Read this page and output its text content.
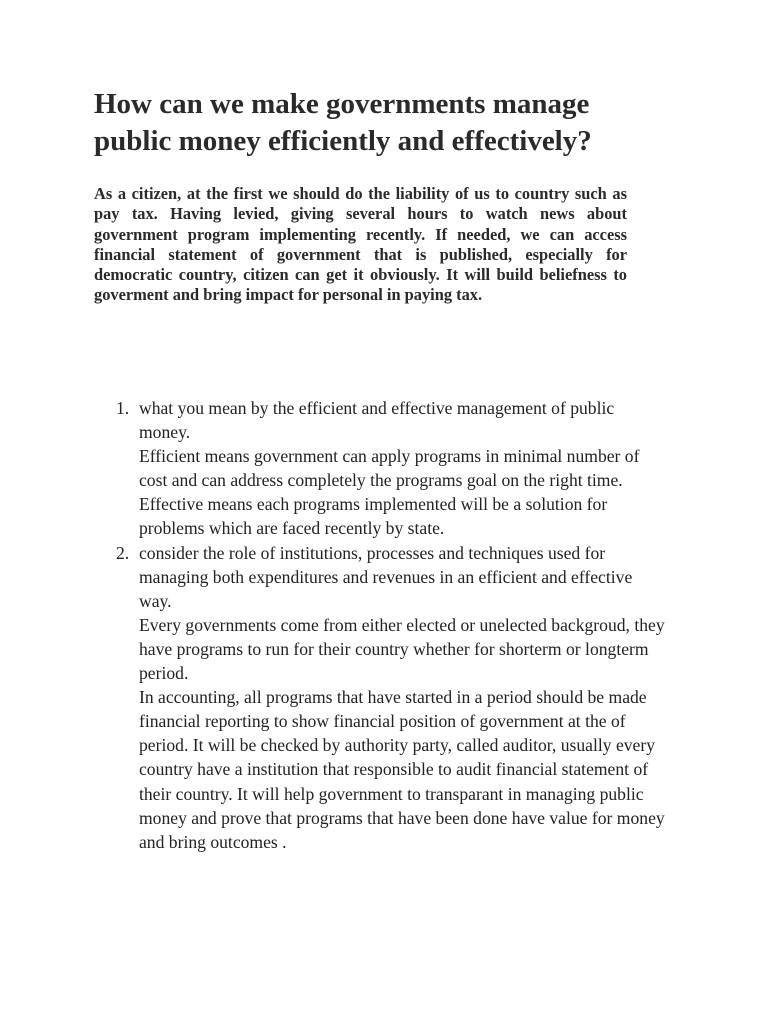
How can we make governments manage public money efficiently and effectively?

As a citizen, at the first we should do the liability of us to country such as pay tax. Having levied, giving several hours to watch news about government program implementing recently. If needed, we can access financial statement of government that is published, especially for democratic country, citizen can get it obviously. It will build beliefness to goverment and bring impact for personal in paying tax.

1. what you mean by the efficient and effective management of public money.
Efficient means government can apply programs in minimal number of cost and can address completely the programs goal on the right time.
Effective means each programs implemented will be a solution for problems which are faced recently by state.
2. consider the role of institutions, processes and techniques used for managing both expenditures and revenues in an efficient and effective way.
Every governments come from either elected or unelected backgroud, they have programs to run for their country whether for shorterm or longterm period.
In accounting, all programs that have started in a period should be made financial reporting to show financial position of government at the of period. It will be checked by authority party, called auditor, usually every country have a institution that responsible to audit financial statement of their country. It will help government to transparant in managing public money and prove that programs that have been done have value for money and bring outcomes .
